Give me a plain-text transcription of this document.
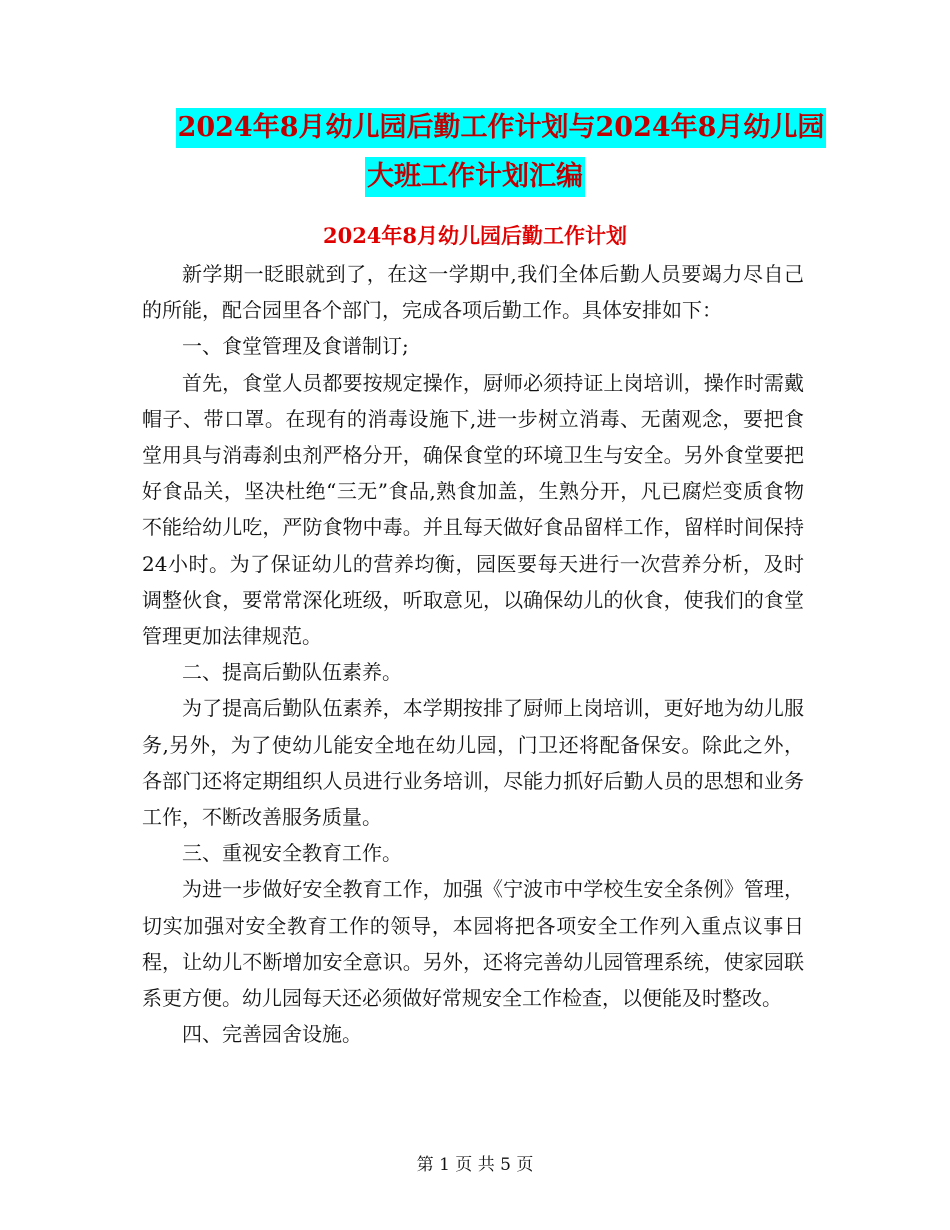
2024年8月幼儿园后勤工作计划与2024年8月幼儿园
大班工作计划汇编
2024年8月幼儿园后勤工作计划

新学期一眨眼就到了，在这一学期中,我们全体后勤人员要竭力尽自己的所能，配合园里各个部门，完成各项后勤工作。具体安排如下：

一、食堂管理及食谱制订;

首先，食堂人员都要按规定操作，厨师必须持证上岗培训，操作时需戴帽子、带口罩。在现有的消毒设施下,进一步树立消毒、无菌观念，要把食堂用具与消毒刹虫剂严格分开，确保食堂的环境卫生与安全。另外食堂要把好食品关，坚决杜绝“三无”食品,熟食加盖，生熟分开，凡已腐烂变质食物不能给幼儿吃，严防食物中毒。并且每天做好食品留样工作，留样时间保持24小时。为了保证幼儿的营养均衡，园医要每天进行一次营养分析，及时调整伙食，要常常深化班级，听取意见，以确保幼儿的伙食，使我们的食堂管理更加法律规范。

二、提高后勤队伍素养。

为了提高后勤队伍素养，本学期按排了厨师上岗培训，更好地为幼儿服务,另外，为了使幼儿能安全地在幼儿园，门卫还将配备保安。除此之外，各部门还将定期组织人员进行业务培训，尽能力抓好后勤人员的思想和业务工作，不断改善服务质量。

三、重视安全教育工作。

为进一步做好安全教育工作，加强《宁波市中学校生安全条例》管理，切实加强对安全教育工作的领导，本园将把各项安全工作列入重点议事日程，让幼儿不断增加安全意识。另外，还将完善幼儿园管理系统，使家园联系更方便。幼儿园每天还必须做好常规安全工作检查，以便能及时整改。

四、完善园舍设施。

第 1 页 共 5 页
